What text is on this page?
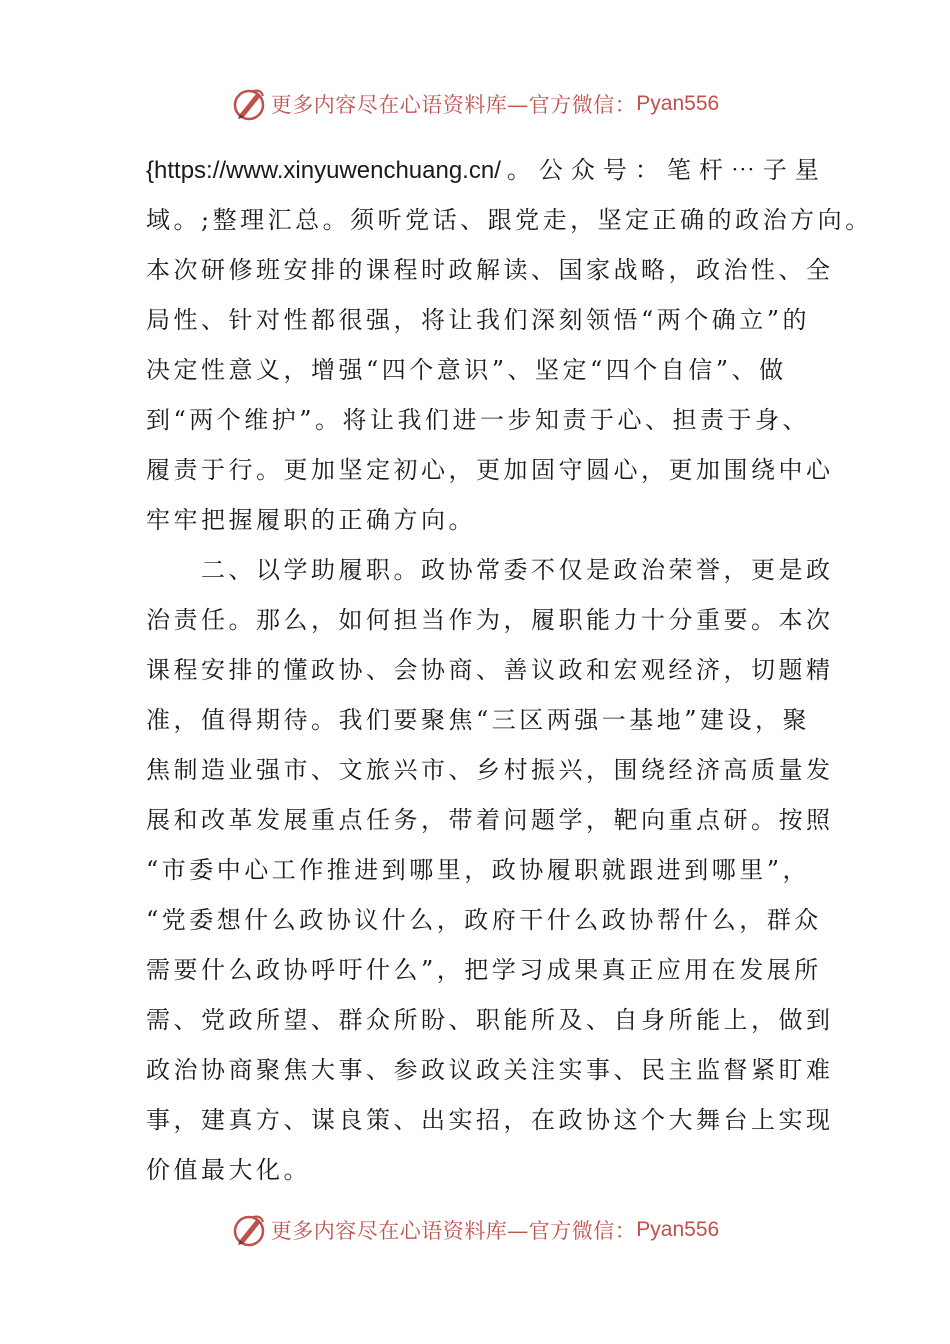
更多内容尽在心语资料库—官方微信： Pyan556
{https://www.xinyuwenchuang.cn/ 。公众号：笔杆⋯子星
域。;整理汇总。须听党话、跟党走，坚定正确的政治方向。
本次研修班安排的课程时政解读、国家战略，政治性、全
局性、针对性都很强，将让我们深刻领悟“两个确立”的
决定性意义，增强“四个意识”、坚定“四个自信”、做
到“两个维护”。将让我们进一步知责于心、担责于身、
履责于行。更加坚定初心，更加固守圆心，更加围绕中心
牢牢把握履职的正确方向。
　　二、以学助履职。政协常委不仅是政治荣誉，更是政
治责任。那么，如何担当作为，履职能力十分重要。本次
课程安排的懂政协、会协商、善议政和宏观经济，切题精
准，值得期待。我们要聚焦“三区两强一基地”建设，聚
焦制造业强市、文旅兴市、乡村振兴，围绕经济高质量发
展和改革发展重点任务，带着问题学，靶向重点研。按照
“市委中心工作推进到哪里，政协履职就跟进到哪里”，
“党委想什么政协议什么，政府干什么政协帮什么，群众
需要什么政协呼吁什么”，把学习成果真正应用在发展所
需、党政所望、群众所盼、职能所及、自身所能上，做到
政治协商聚焦大事、参政议政关注实事、民主监督紧盯难
事，建真方、谋良策、出实招，在政协这个大舞台上实现
价值最大化。
更多内容尽在心语资料库—官方微信： Pyan556
